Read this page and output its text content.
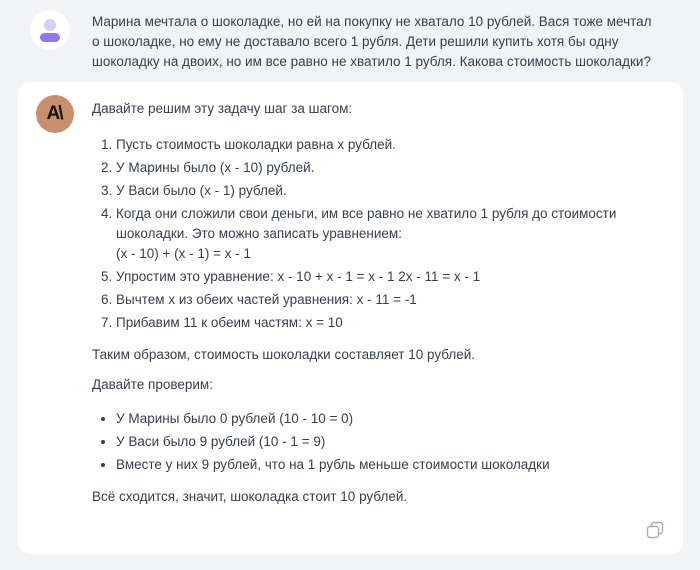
Марина мечтала о шоколадке, но ей на покупку не хватало 10 рублей. Вася тоже мечтал о шоколадке, но ему не доставало всего 1 рубля. Дети решили купить хотя бы одну шоколадку на двоих, но им все равно не хватило 1 рубля. Какова стоимость шоколадки?

A\ Давайте решим эту задачу шаг за шагом:

1. Пусть стоимость шоколадки равна x рублей.
2. У Марины было (x - 10) рублей.
3. У Васи было (x - 1) рублей.
4. Когда они сложили свои деньги, им все равно не хватило 1 рубля до стоимости шоколадки. Это можно записать уравнением:
(x - 10) + (x - 1) = x - 1
5. Упростим это уравнение: x - 10 + x - 1 = x - 1 2x - 11 = x - 1
6. Вычтем x из обеих частей уравнения: x - 11 = -1
7. Прибавим 11 к обеим частям: x = 10

Таким образом, стоимость шоколадки составляет 10 рублей.

Давайте проверим:

• У Марины было 0 рублей (10 - 10 = 0)
• У Васи было 9 рублей (10 - 1 = 9)
• Вместе у них 9 рублей, что на 1 рубль меньше стоимости шоколадки

Всё сходится, значит, шоколадка стоит 10 рублей.
